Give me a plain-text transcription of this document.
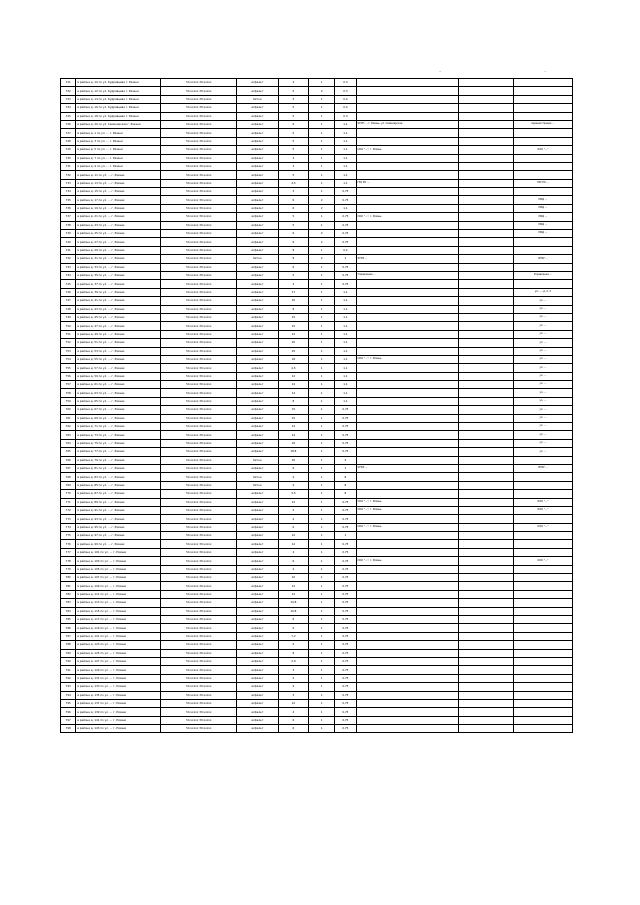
…	…
721	в районе д. 10 по ул. Кудрявцева г. Рязани	54.xxxxx 39.xxxxx	асфальт	4	1	0,3			
722	в районе д. 12 по ул. Кудрявцева г. Рязани	54.xxxxx 39.xxxxx	асфальт	5	2	0,3			
723	в районе д. 14 по ул. Кудрявцева г. Рязани	54.xxxxx 39.xxxxx	бетон	3	1	0,4			
724	в районе д. 16 по ул. Кудрявцева г. Рязани	54.xxxxx 39.xxxxx	асфальт	5	1	0,4			
725	в районе д. 18 по ул. Кудрявцева г. Рязани	54.xxxxx 39.xxxxx	асфальт	5	1	0,3			
726	в районе д. 20 по ул. Семинарская г. Рязани	54.xxxxx 39.xxxxx	асфальт	6	1	1,1	ФГУП … г. Рязань, ул. Семинарская		Администрация …
727	в районе д. 1 по ул. … г. Рязани	54.xxxxx 39.xxxxx	асфальт	5	1	1,1			
728	в районе д. 3 по ул. … г. Рязани	54.xxxxx 39.xxxxx	асфальт	5	1	1,1			
729	в районе д. 5 по ул. … г. Рязани	54.xxxxx 39.xxxxx	асфальт	5	1	1,1	ООО "…", г. Рязань		ООО "…"
730	в районе д. 7 по ул. … г. Рязани	54.xxxxx 39.xxxxx	асфальт	3	1	1,1			
731	в районе д. 9 по ул. … г. Рязани	54.xxxxx 39.xxxxx	асфальт	3	1	1,1			
732	в районе д. 11 по ул. … г. Рязани	54.xxxxx 39.xxxxx	асфальт	5	1	1,1			
733	в районе д. 13 по ул. … г. Рязани	54.xxxxx 39.xxxxx	асфальт	4,5	1	1,1	ГБУ РО …		ГБУ РО …
734	в районе д. 15 по ул. … г. Рязани	54.xxxxx 39.xxxxx	асфальт	3	1	0,75			
735	в районе д. 17 по ул. … г. Рязани	54.xxxxx 39.xxxxx	асфальт	6	2	0,75			МКД …
736	в районе д. 19 по ул. … г. Рязани	54.xxxxx 39.xxxxx	асфальт	6	2	1,1			МКД …
737	в районе д. 21 по ул. … г. Рязани	54.xxxxx 39.xxxxx	асфальт	5	1	0,75	ООО "…", г. Рязань		МКД …
738	в районе д. 23 по ул. … г. Рязани	54.xxxxx 39.xxxxx	асфальт	5	1	0,75			МКД …
739	в районе д. 25 по ул. … г. Рязани	54.xxxxx 39.xxxxx	асфальт	6	2	0,75			МКД …
740	в районе д. 27 по ул. … г. Рязани	54.xxxxx 39.xxxxx	асфальт	6	2	0,75			
741	в районе д. 29 по ул. … г. Рязани	54.xxxxx 39.xxxxx	асфальт	8	1	0,2			
742	в районе д. 31 по ул. … г. Рязани	54.xxxxx 39.xxxxx	бетон	8	2	1	ФГБУ …		ФГБУ …
743	в районе д. 33 по ул. … г. Рязани	54.xxxxx 39.xxxxx	асфальт	6	1	0,75			
744	в районе д. 35 по ул. … г. Рязани	54.xxxxx 39.xxxxx	асфальт	5	1	0,75	Управление …		Управление …
745	в районе д. 37 по ул. … г. Рязани	54.xxxxx 39.xxxxx	асфальт	3	1	0,75			
746	в районе д. 39 по ул. … г. Рязани	54.xxxxx 39.xxxxx	асфальт	17	1	1,1			ул. …, д. 2, 3
747	в районе д. 41 по ул. … г. Рязани	54.xxxxx 39.xxxxx	асфальт	10	1	1,1			ул. …
748	в районе д. 43 по ул. … г. Рязани	54.xxxxx 39.xxxxx	асфальт	8	1	1,1			ул. …
749	в районе д. 45 по ул. … г. Рязани	54.xxxxx 39.xxxxx	асфальт	15	1	1,1			ул. …
750	в районе д. 47 по ул. … г. Рязани	54.xxxxx 39.xxxxx	асфальт	15	1	1,1			ул. …
751	в районе д. 49 по ул. … г. Рязани	54.xxxxx 39.xxxxx	асфальт	12	1	1,1			ул. …
752	в районе д. 51 по ул. … г. Рязани	54.xxxxx 39.xxxxx	асфальт	20	1	1,1			ул. …
753	в районе д. 53 по ул. … г. Рязани	54.xxxxx 39.xxxxx	асфальт	25	1	1,1			ул. …
754	в районе д. 55 по ул. … г. Рязани	54.xxxxx 39.xxxxx	асфальт	18	1	1,1	ООО "…", г. Рязань		ул. …
755	в районе д. 57 по ул. … г. Рязани	54.xxxxx 39.xxxxx	асфальт	4,5	1	1,1			ул. …
756	в районе д. 59 по ул. … г. Рязани	54.xxxxx 39.xxxxx	асфальт	12	1	1,1			ул. …
757	в районе д. 61 по ул. … г. Рязани	54.xxxxx 39.xxxxx	асфальт	14	1	1,1			ул. …
758	в районе д. 63 по ул. … г. Рязани	54.xxxxx 39.xxxxx	асфальт	14	1	1,1			ул. …
759	в районе д. 65 по ул. … г. Рязани	54.xxxxx 39.xxxxx	асфальт	8	1	1,1			ул. …
760	в районе д. 67 по ул. … г. Рязани	54.xxxxx 39.xxxxx	асфальт	15	1	0,75			ул. …
761	в районе д. 69 по ул. … г. Рязани	54.xxxxx 39.xxxxx	асфальт	15	1	0,75			ул. …
762	в районе д. 71 по ул. … г. Рязани	54.xxxxx 39.xxxxx	асфальт	14	1	0,75			ул. …
763	в районе д. 73 по ул. … г. Рязани	54.xxxxx 39.xxxxx	асфальт	14	1	0,75			ул. …
764	в районе д. 75 по ул. … г. Рязани	54.xxxxx 39.xxxxx	асфальт	16	1	0,75			ул. …
765	в районе д. 77 по ул. … г. Рязани	54.xxxxx 39.xxxxx	асфальт	18,8	1	0,75			ул. …
766	в районе д. 79 по ул. … г. Рязани	54.xxxxx 39.xxxxx	бетон	20	1	4			
767	в районе д. 81 по ул. … г. Рязани	54.xxxxx 39.xxxxx	асфальт	6	1	1	ФГБУ …		ФГБУ …
768	в районе д. 83 по ул. … г. Рязани	54.xxxxx 39.xxxxx	бетон	4	1	8			
769	в районе д. 85 по ул. … г. Рязани	54.xxxxx 39.xxxxx	бетон	4	1	8			
770	в районе д. 87 по ул. … г. Рязани	54.xxxxx 39.xxxxx	асфальт	4,5	1	8			
771	в районе д. 89 по ул. … г. Рязани	54.xxxxx 39.xxxxx	асфальт	12	1	0,75	ООО "…", г. Рязань		ООО "…"
772	в районе д. 91 по ул. … г. Рязани	54.xxxxx 39.xxxxx	асфальт	5	1	0,75	ООО "…", г. Рязань		ООО "…"
773	в районе д. 93 по ул. … г. Рязани	54.xxxxx 39.xxxxx	асфальт	4	1	0,75			
774	в районе д. 95 по ул. … г. Рязани	54.xxxxx 39.xxxxx	асфальт	6	1	0,75	ООО "…", г. Рязань		ООО "…"
775	в районе д. 97 по ул. … г. Рязани	54.xxxxx 39.xxxxx	асфальт	12	1	1			
776	в районе д. 99 по ул. … г. Рязани	54.xxxxx 39.xxxxx	асфальт	12	1	0,75			
777	в районе д. 101 по ул. … г. Рязани	54.xxxxx 39.xxxxx	асфальт	4	1	0,75			
778	в районе д. 103 по ул. … г. Рязани	54.xxxxx 39.xxxxx	асфальт	6	1	0,75	ООО "…", г. Рязань		ООО "…"
779	в районе д. 105 по ул. … г. Рязани	54.xxxxx 39.xxxxx	асфальт	4	1	0,75			
780	в районе д. 107 по ул. … г. Рязани	54.xxxxx 39.xxxxx	асфальт	10	1	0,75			
781	в районе д. 109 по ул. … г. Рязани	54.xxxxx 39.xxxxx	асфальт	12	1	0,75			
782	в районе д. 111 по ул. … г. Рязани	54.xxxxx 39.xxxxx	асфальт	12	1	0,75			
783	в районе д. 113 по ул. … г. Рязани	54.xxxxx 39.xxxxx	асфальт	10,8	1	0,75			
784	в районе д. 115 по ул. … г. Рязани	54.xxxxx 39.xxxxx	асфальт	10,8	1	0,75			
785	в районе д. 117 по ул. … г. Рязани	54.xxxxx 39.xxxxx	асфальт	6	1	0,75			
786	в районе д. 119 по ул. … г. Рязани	54.xxxxx 39.xxxxx	асфальт	6	1	0,75			
787	в районе д. 121 по ул. … г. Рязани	54.xxxxx 39.xxxxx	асфальт	7,2	1	0,75			
788	в районе д. 123 по ул. … г. Рязани	54.xxxxx 39.xxxxx	асфальт	9	1	0,75			
789	в районе д. 125 по ул. … г. Рязани	54.xxxxx 39.xxxxx	асфальт	8	1	0,75			
790	в районе д. 127 по ул. … г. Рязани	54.xxxxx 39.xxxxx	асфальт	2,9	1	0,75			
791	в районе д. 129 по ул. … г. Рязани	54.xxxxx 39.xxxxx	асфальт	3	1	0,75			
792	в районе д. 131 по ул. … г. Рязани	54.xxxxx 39.xxxxx	асфальт	5	1	0,75			
793	в районе д. 133 по ул. … г. Рязани	54.xxxxx 39.xxxxx	асфальт	9	1	0,75			
794	в районе д. 135 по ул. … г. Рязани	54.xxxxx 39.xxxxx	асфальт	3	1	0,75			
795	в районе д. 137 по ул. … г. Рязани	54.xxxxx 39.xxxxx	асфальт	12	1	0,75			
796	в районе д. 139 по ул. … г. Рязани	54.xxxxx 39.xxxxx	асфальт	4	1	0,75			
797	в районе д. 141 по ул. … г. Рязани	54.xxxxx 39.xxxxx	асфальт	6	1	0,75			
798	в районе д. 143 по ул. … г. Рязани	54.xxxxx 39.xxxxx	асфальт	6	1	0,75			
